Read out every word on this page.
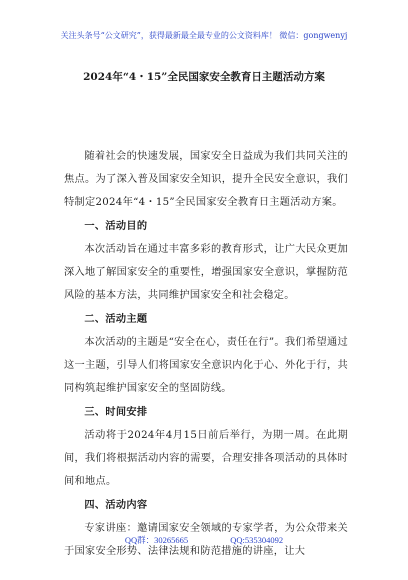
关注头条号“公文研究”，获得最新最全最专业的公文资料库！ 微信：gongwenyj
2024年“4・15”全民国家安全教育日主题活动方案

随着社会的快速发展，国家安全日益成为我们共同关注的焦点。为了深入普及国家安全知识，提升全民安全意识，我们特制定2024年“4・15”全民国家安全教育日主题活动方案。

一、活动目的

本次活动旨在通过丰富多彩的教育形式，让广大民众更加深入地了解国家安全的重要性，增强国家安全意识，掌握防范风险的基本方法，共同维护国家安全和社会稳定。

二、活动主题

本次活动的主题是“安全在心，责任在行”。我们希望通过这一主题，引导人们将国家安全意识内化于心、外化于行，共同构筑起维护国家安全的坚固防线。

三、时间安排

活动将于2024年4月15日前后举行，为期一周。在此期间，我们将根据活动内容的需要，合理安排各项活动的具体时间和地点。

四、活动内容

专家讲座：邀请国家安全领域的专家学者，为公众带来关于国家安全形势、法律法规和防范措施的讲座，让大

QQ群：30265665	QQ:535304092
